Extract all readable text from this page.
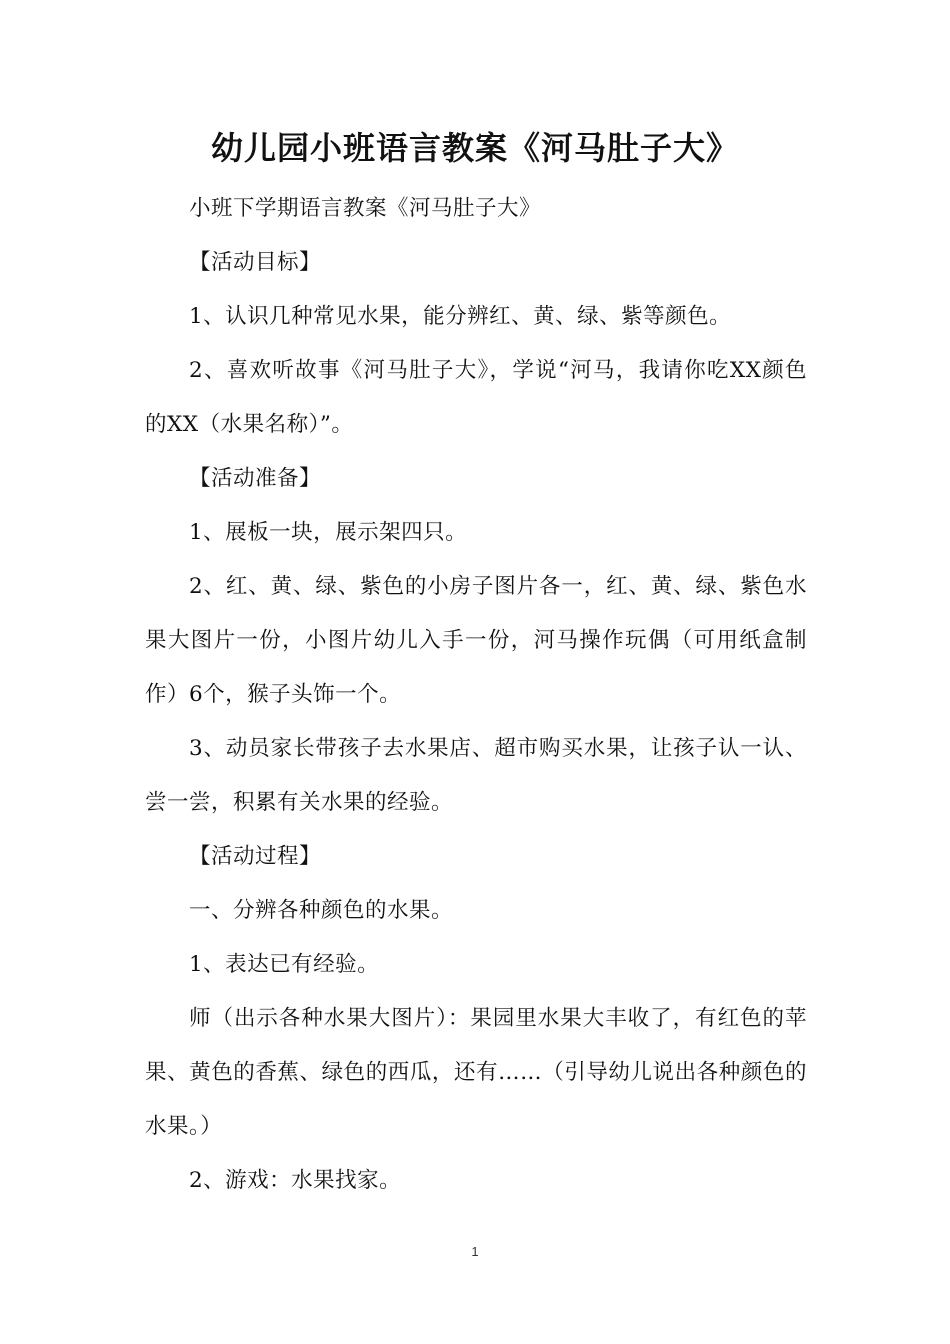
幼儿园小班语言教案《河马肚子大》

小班下学期语言教案《河马肚子大》

【活动目标】

1、认识几种常见水果，能分辨红、黄、绿、紫等颜色。

2、喜欢听故事《河马肚子大》，学说“河马，我请你吃XX颜色的XX（水果名称）”。

【活动准备】

1、展板一块，展示架四只。

2、红、黄、绿、紫色的小房子图片各一，红、黄、绿、紫色水果大图片一份，小图片幼儿入手一份，河马操作玩偶（可用纸盒制作）6个，猴子头饰一个。

3、动员家长带孩子去水果店、超市购买水果，让孩子认一认、尝一尝，积累有关水果的经验。

【活动过程】

一、分辨各种颜色的水果。

1、表达已有经验。

师（出示各种水果大图片）：果园里水果大丰收了，有红色的苹果、黄色的香蕉、绿色的西瓜，还有……（引导幼儿说出各种颜色的水果。）

2、游戏：水果找家。

1
